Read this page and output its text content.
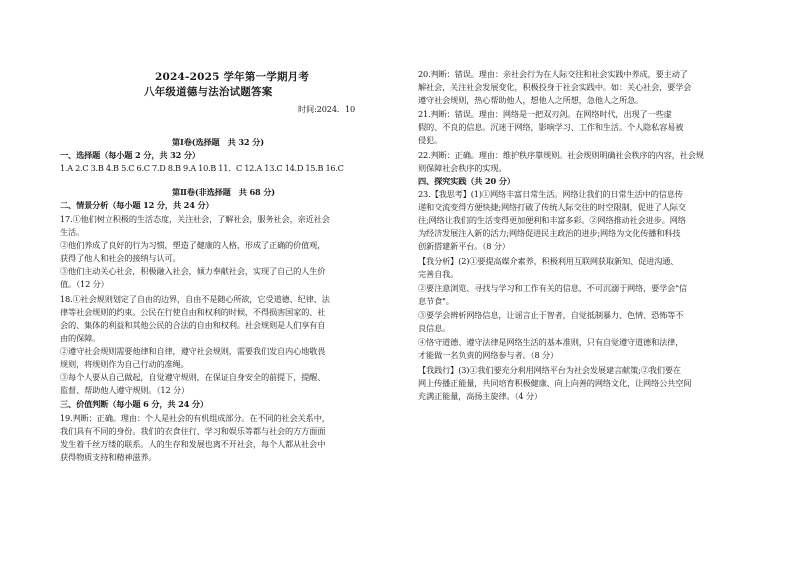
2024-2025 学年第一学期月考
八年级道德与法治试题答案
时间:2024．10
第Ⅰ卷(选择题　共 32 分)
一、选择题（每小题 2 分，共 32 分）
1.A 2.C 3.B 4.B 5.C 6.C 7.D 8.B 9.A 10.B 11．C 12.A 13.C 14.D 15.B 16.C
第Ⅱ卷(非选择题　共 68 分)
二、情景分析（每小题 12 分，共 24 分）
17.①他们树立积极的生活态度，关注社会，了解社会，服务社会，亲近社会
生活。
②他们养成了良好的行为习惯，塑造了健康的人格，形成了正确的价值观，
获得了他人和社会的接纳与认可。
③他们主动关心社会，积极融入社会，倾力奉献社会，实现了自己的人生价
值。（12 分）
18.①社会规则划定了自由的边界，自由不是随心所欲，它受道德、纪律、法
律等社会规则的约束。公民在行使自由和权利的时候，不得损害国家的、社
会的、集体的利益和其他公民的合法的自由和权利。社会规则是人们享有自
由的保障。
②遵守社会规则需要他律和自律，遵守社会规则，需要我们发自内心地敬畏
规则，将规则作为自己行动的准绳。
③每个人要从自己做起，自觉遵守规则，在保证自身安全的前提下，提醒、
监督、帮助他人遵守规则。（12 分）
三、价值判断（每小题 6 分，共 24 分）
19.判断：正确。理由：个人是社会的有机组成部分。在不同的社会关系中，
我们具有不同的身份。我们的衣食住行、学习和娱乐等都与社会的方方面面
发生着千丝万缕的联系。人的生存和发展也离不开社会，每个人都从社会中
获得物质支持和精神滋养。
20.判断：错误。理由：亲社会行为在人际交往和社会实践中养成，要主动了
解社会，关注社会发展变化，积极投身于社会实践中。如：关心社会，要学会
遵守社会规则，热心帮助他人，想他人之所想，急他人之所急。
21.判断：错误。理由：网络是一把双刃剑。在网络时代，出现了一些虚
假的、不良的信息。沉迷于网络，影响学习、工作和生活。个人隐私容易被
侵犯。
22.判断：正确。理由：维护秩序靠规则。社会规则明确社会秩序的内容，社会规
则保障社会秩序的实现。
四、探究实践（共 20 分）
23.【我思考】(1)①网络丰富日常生活。网络让我们的日常生活中的信息传
递和交流变得方便快捷;网络打破了传统人际交往的时空限制，促进了人际交
往;网络让我们的生活变得更加便利和丰富多彩。②网络推动社会进步。网络
为经济发展注入新的活力;网络促进民主政治的进步;网络为文化传播和科技
创新搭建新平台。（8 分）
【我分析】(2)①要提高媒介素养，积极利用互联网获取新知、促进沟通、
完善自我。
②要注意浏览、寻找与学习和工作有关的信息，不可沉溺于网络，要学会"信
息节食"。
③要学会辨析网络信息，让谣言止于智者，自觉抵制暴力、色情、恐怖等不
良信息。
④恪守道德、遵守法律是网络生活的基本准则，只有自觉遵守道德和法律，
才能做一名负责的网络参与者。（8 分）
【我践行】(3)①我们要充分利用网络平台为社会发展建言献策;②我们要在
网上传播正能量，共同培育积极健康、向上向善的网络文化，让网络公共空间
充满正能量，高扬主旋律。（4 分）
